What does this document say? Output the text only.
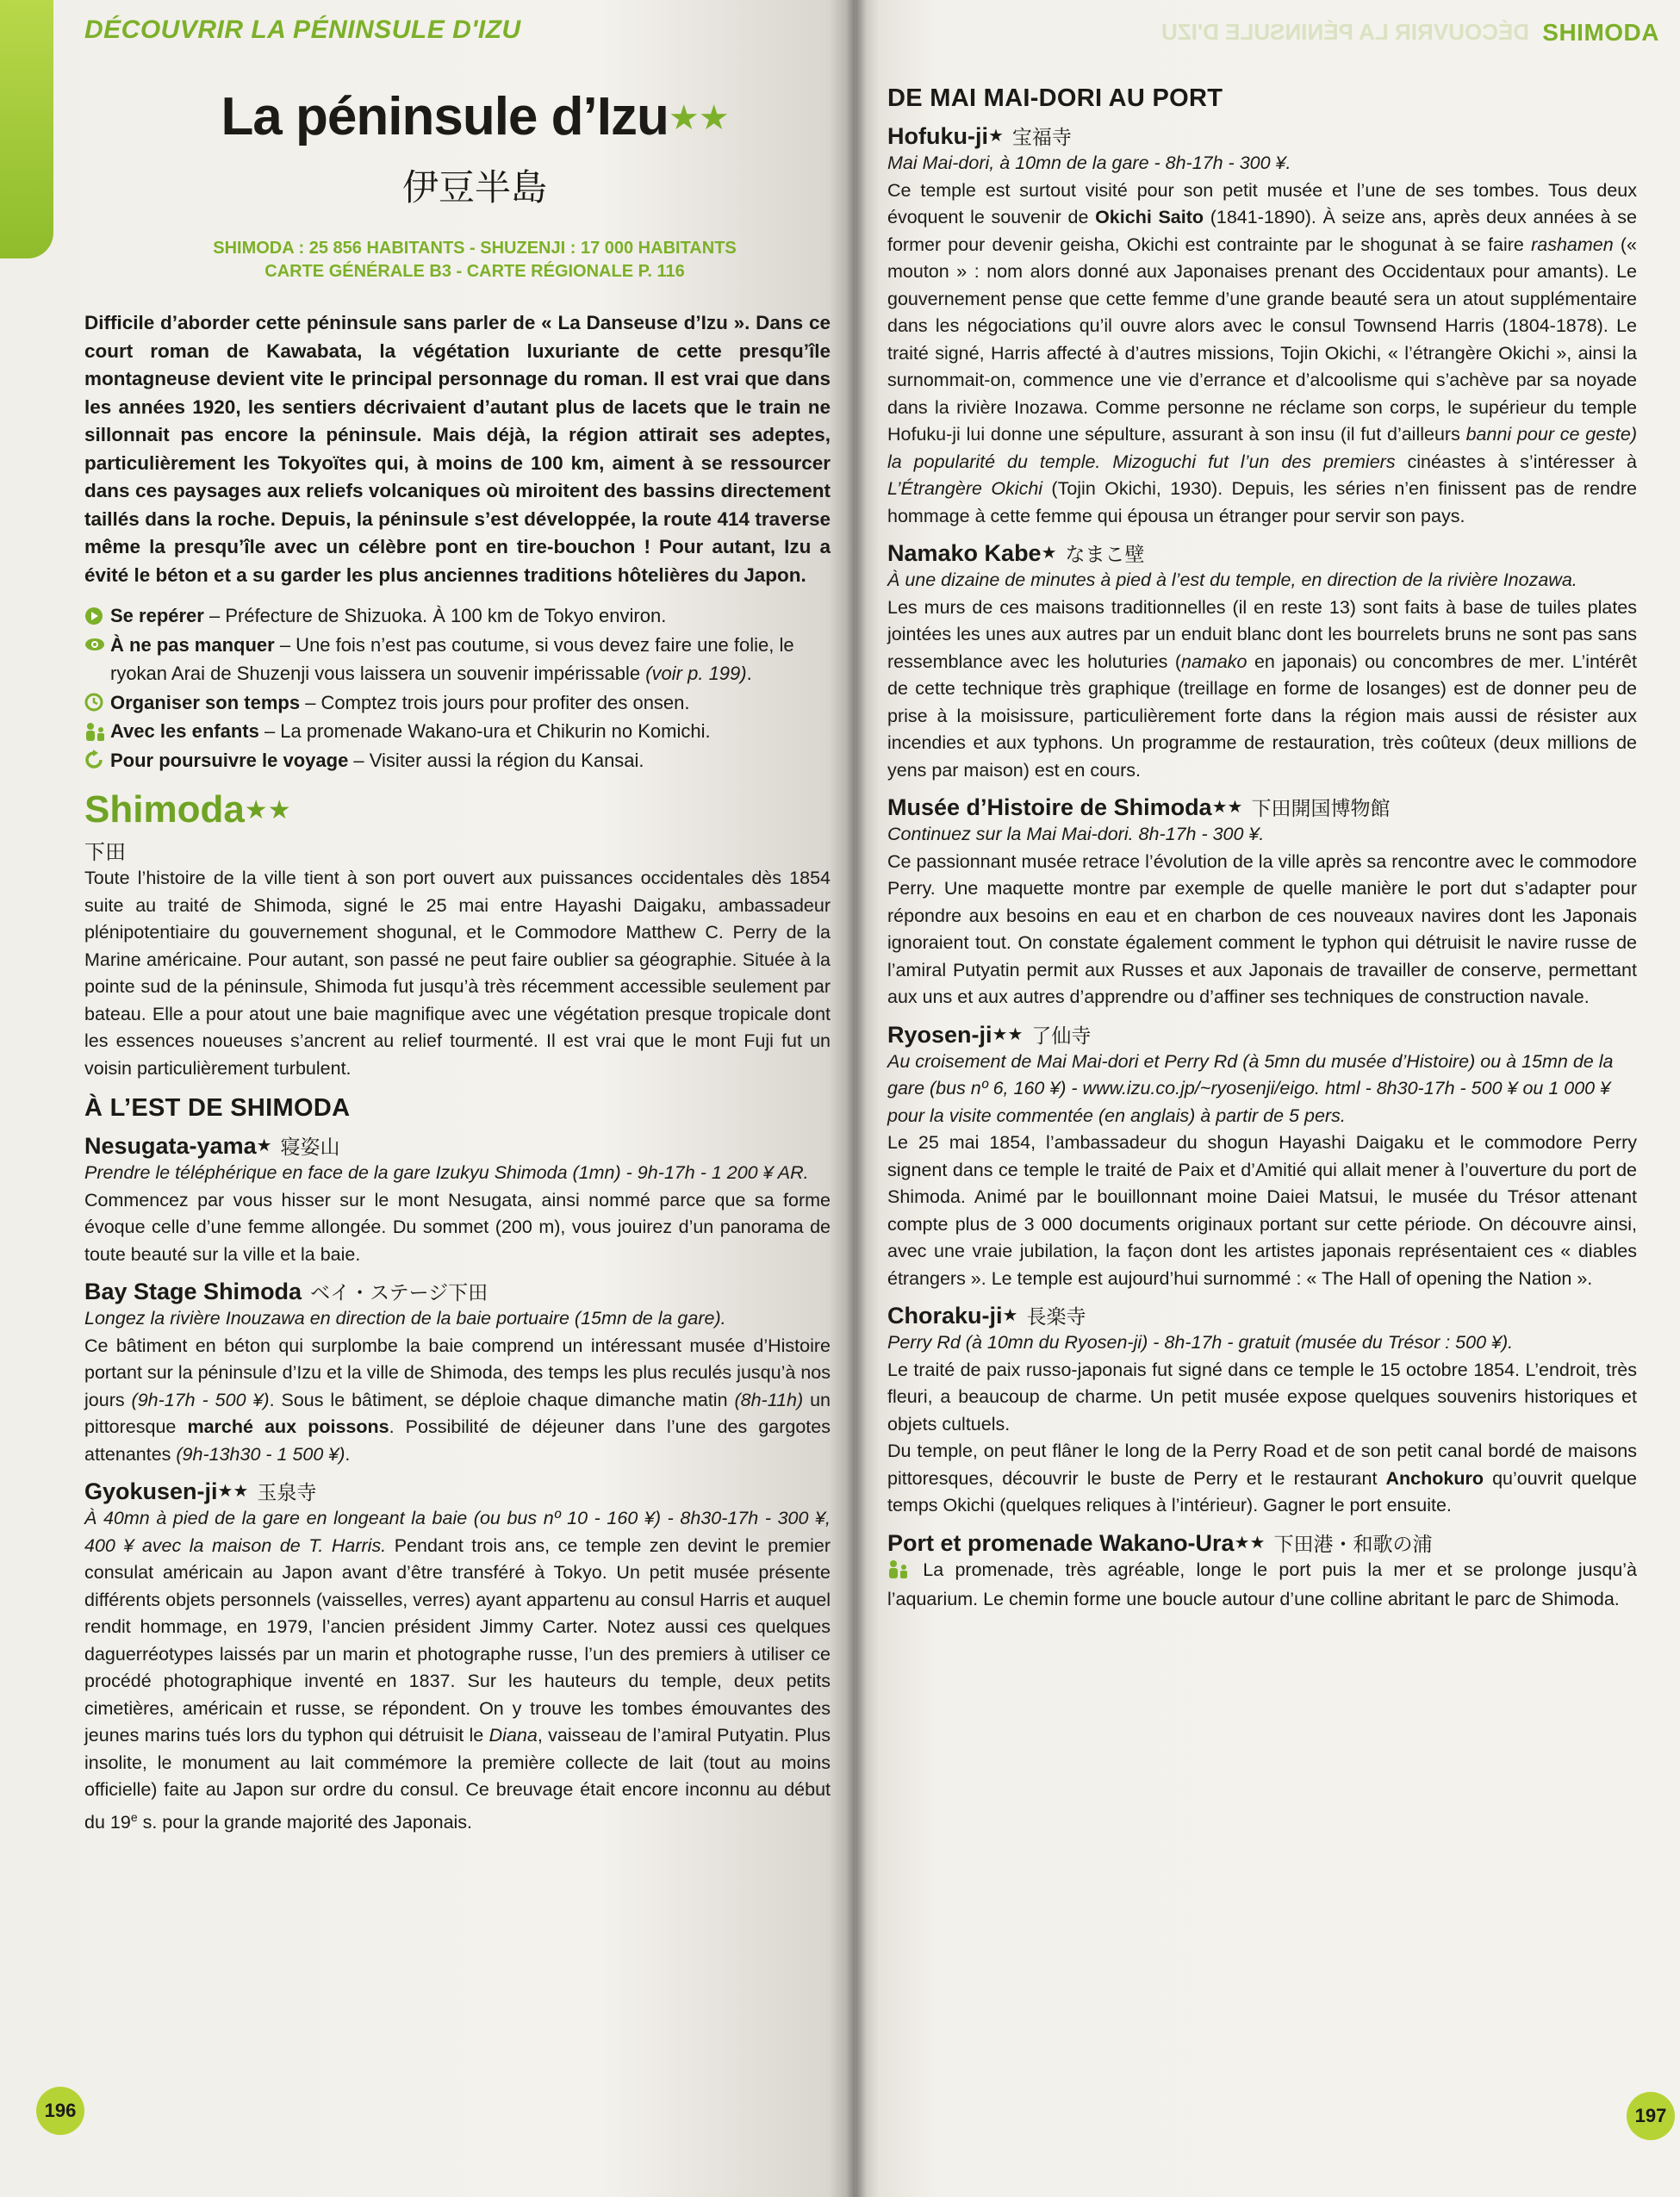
DÉCOUVRIR LA PÉNINSULE D'IZU
La péninsule d’Izu★★
伊豆半島
SHIMODA : 25 856 HABITANTS - SHUZENJI : 17 000 HABITANTS
CARTE GÉNÉRALE B3 - CARTE RÉGIONALE P. 116

Difficile d’aborder cette péninsule sans parler de « La Danseuse d’Izu ». Dans ce court roman de Kawabata, la végétation luxuriante de cette presqu’île montagneuse devient vite le principal personnage du roman. Il est vrai que dans les années 1920, les sentiers décrivaient d’autant plus de lacets que le train ne sillonnait pas encore la péninsule. Mais déjà, la région attirait ses adeptes, particulièrement les Tokyoïtes qui, à moins de 100 km, aiment à se ressourcer dans ces paysages aux reliefs volcaniques où miroitent des bassins directement taillés dans la roche. Depuis, la péninsule s’est développée, la route 414 traverse même la presqu’île avec un célèbre pont en tire-bouchon ! Pour autant, Izu a évité le béton et a su garder les plus anciennes traditions hôtelières du Japon.

Se repérer – Préfecture de Shizuoka. À 100 km de Tokyo environ.
À ne pas manquer – Une fois n’est pas coutume, si vous devez faire une folie, le ryokan Arai de Shuzenji vous laissera un souvenir impérissable (voir p. 199).
Organiser son temps – Comptez trois jours pour profiter des onsen.
Avec les enfants – La promenade Wakano-ura et Chikurin no Komichi.
Pour poursuivre le voyage – Visiter aussi la région du Kansai.
Shimoda★★
下田

Toute l’histoire de la ville tient à son port ouvert aux puissances occidentales dès 1854 suite au traité de Shimoda, signé le 25 mai entre Hayashi Daigaku, ambassadeur plénipotentiaire du gouvernement shogunal, et le Commodore Matthew C. Perry de la Marine américaine. Pour autant, son passé ne peut faire oublier sa géographie. Située à la pointe sud de la péninsule, Shimoda fut jusqu’à très récemment accessible seulement par bateau. Elle a pour atout une baie magnifique avec une végétation presque tropicale dont les essences noueuses s’ancrent au relief tourmenté. Il est vrai que le mont Fuji fut un voisin particulièrement turbulent.

À L’EST DE SHIMODA
Nesugata-yama★ 寝姿山

Prendre le téléphérique en face de la gare Izukyu Shimoda (1mn) - 9h-17h - 1 200 ¥ AR.

Commencez par vous hisser sur le mont Nesugata, ainsi nommé parce que sa forme évoque celle d’une femme allongée. Du sommet (200 m), vous jouirez d’un panorama de toute beauté sur la ville et la baie.

Bay Stage Shimoda ベイ・ステージ下田

Longez la rivière Inouzawa en direction de la baie portuaire (15mn de la gare).

Ce bâtiment en béton qui surplombe la baie comprend un intéressant musée d’Histoire portant sur la péninsule d’Izu et la ville de Shimoda, des temps les plus reculés jusqu’à nos jours (9h-17h - 500 ¥). Sous le bâtiment, se déploie chaque dimanche matin (8h-11h) un pittoresque marché aux poissons. Possibilité de déjeuner dans l’une des gargotes attenantes (9h-13h30 - 1 500 ¥).

Gyokusen-ji★★ 玉泉寺

À 40mn à pied de la gare en longeant la baie (ou bus nº 10 - 160 ¥) - 8h30-17h - 300 ¥, 400 ¥ avec la maison de T. Harris. Pendant trois ans, ce temple zen devint le premier consulat américain au Japon avant d’être transféré à Tokyo. Un petit musée présente différents objets personnels (vaisselles, verres) ayant appartenu au consul Harris et auquel rendit hommage, en 1979, l’ancien président Jimmy Carter. Notez aussi ces quelques daguerréotypes laissés par un marin et photographe russe, l’un des premiers à utiliser ce procédé photographique inventé en 1837. Sur les hauteurs du temple, deux petits cimetières, américain et russe, se répondent. On y trouve les tombes émouvantes des jeunes marins tués lors du typhon qui détruisit le Diana, vaisseau de l’amiral Putyatin. Plus insolite, le monument au lait commémore la première collecte de lait (tout au moins officielle) faite au Japon sur ordre du consul. Ce breuvage était encore inconnu au début du 19e s. pour la grande majorité des Japonais.

196
DÉCOUVRIR LA PÉNINSULE D'IZU SHIMODA
DE MAI MAI-DORI AU PORT
Hofuku-ji★ 宝福寺

Mai Mai-dori, à 10mn de la gare - 8h-17h - 300 ¥.

Ce temple est surtout visité pour son petit musée et l’une de ses tombes. Tous deux évoquent le souvenir de Okichi Saito (1841-1890). À seize ans, après deux années à se former pour devenir geisha, Okichi est contrainte par le shogunat à se faire rashamen (« mouton » : nom alors donné aux Japonaises prenant des Occidentaux pour amants). Le gouvernement pense que cette femme d’une grande beauté sera un atout supplémentaire dans les négociations qu’il ouvre alors avec le consul Townsend Harris (1804-1878). Le traité signé, Harris affecté à d’autres missions, Tojin Okichi, « l’étrangère Okichi », ainsi la surnommait-on, commence une vie d’errance et d’alcoolisme qui s’achève par sa noyade dans la rivière Inozawa. Comme personne ne réclame son corps, le supérieur du temple Hofuku-ji lui donne une sépulture, assurant à son insu (il fut d’ailleurs banni pour ce geste) la popularité du temple. Mizoguchi fut l’un des premiers cinéastes à s’intéresser à L’Étrangère Okichi (Tojin Okichi, 1930). Depuis, les séries n’en finissent pas de rendre hommage à cette femme qui épousa un étranger pour servir son pays.

Namako Kabe★ なまこ壁

À une dizaine de minutes à pied à l’est du temple, en direction de la rivière Inozawa.

Les murs de ces maisons traditionnelles (il en reste 13) sont faits à base de tuiles plates jointées les unes aux autres par un enduit blanc dont les bourrelets bruns ne sont pas sans ressemblance avec les holuturies (namako en japonais) ou concombres de mer. L’intérêt de cette technique très graphique (treillage en forme de losanges) est de donner peu de prise à la moisissure, particulièrement forte dans la région mais aussi de résister aux incendies et aux typhons. Un programme de restauration, très coûteux (deux millions de yens par maison) est en cours.

Musée d’Histoire de Shimoda★★ 下田開国博物館

Continuez sur la Mai Mai-dori. 8h-17h - 300 ¥.

Ce passionnant musée retrace l’évolution de la ville après sa rencontre avec le commodore Perry. Une maquette montre par exemple de quelle manière le port dut s’adapter pour répondre aux besoins en eau et en charbon de ces nouveaux navires dont les Japonais ignoraient tout. On constate également comment le typhon qui détruisit le navire russe de l’amiral Putyatin permit aux Russes et aux Japonais de travailler de conserve, permettant aux uns et aux autres d’apprendre ou d’affiner ses techniques de construction navale.

Ryosen-ji★★ 了仙寺

Au croisement de Mai Mai-dori et Perry Rd (à 5mn du musée d’Histoire) ou à 15mn de la gare (bus nº 6, 160 ¥) - www.izu.co.jp/~ryosenji/eigo. html - 8h30-17h - 500 ¥ ou 1 000 ¥ pour la visite commentée (en anglais) à partir de 5 pers.

Le 25 mai 1854, l’ambassadeur du shogun Hayashi Daigaku et le commodore Perry signent dans ce temple le traité de Paix et d’Amitié qui allait mener à l’ouverture du port de Shimoda. Animé par le bouillonnant moine Daiei Matsui, le musée du Trésor attenant compte plus de 3 000 documents originaux portant sur cette période. On découvre ainsi, avec une vraie jubilation, la façon dont les artistes japonais représentaient ces « diables étrangers ». Le temple est aujourd’hui surnommé : « The Hall of opening the Nation ».

Choraku-ji★ 長楽寺

Perry Rd (à 10mn du Ryosen-ji) - 8h-17h - gratuit (musée du Trésor : 500 ¥).

Le traité de paix russo-japonais fut signé dans ce temple le 15 octobre 1854. L’endroit, très fleuri, a beaucoup de charme. Un petit musée expose quelques souvenirs historiques et objets cultuels.

Du temple, on peut flâner le long de la Perry Road et de son petit canal bordé de maisons pittoresques, découvrir le buste de Perry et le restaurant Anchokuro qu’ouvrit quelque temps Okichi (quelques reliques à l’intérieur). Gagner le port ensuite.

Port et promenade Wakano-Ura★★ 下田港・和歌の浦

La promenade, très agréable, longe le port puis la mer et se prolonge jusqu’à l’aquarium. Le chemin forme une boucle autour d’une colline abritant le parc de Shimoda.

197
